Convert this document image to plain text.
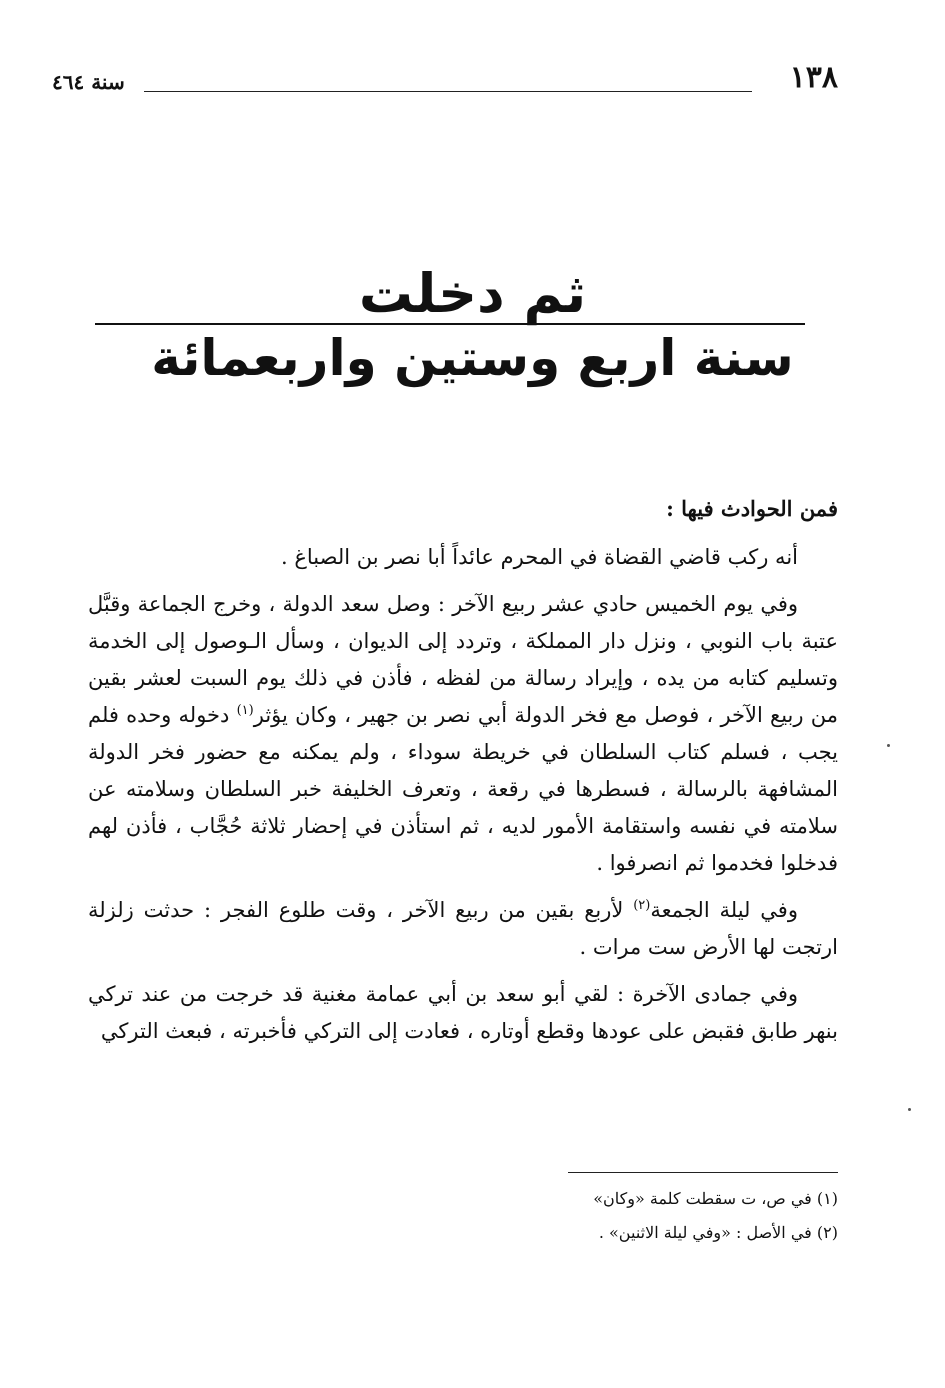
١٣٨
سنة ٤٦٤
ثم دخلت
سنة اربع وستين واربعمائة

فمن الحوادث فيها :

أنه ركب قاضي القضاة في المحرم عائداً أبا نصر بن الصباغ .

وفي يوم الخميس حادي عشر ربيع الآخر : وصل سعد الدولة ، وخرج الجماعة وقبَّل عتبة باب النوبي ، ونزل دار المملكة ، وتردد إلى الديوان ، وسأل الـوصول إلى الخدمة وتسليم كتابه من يده ، وإيراد رسالة من لفظه ، فأذن في ذلك يوم السبت لعشر بقين من ربيع الآخر ، فوصل مع فخر الدولة أبي نصر بن جهير ، وكان يؤثر$^{(١)}$ دخوله وحده فلم يجب ، فسلم كتاب السلطان في خريطة سوداء ، ولم يمكنه مع حضور فخر الدولة المشافهة بالرسالة ، فسطرها في رقعة ، وتعرف الخليفة خبر السلطان وسلامته عن سلامته في نفسه واستقامة الأمور لديه ، ثم استأذن في إحضار ثلاثة حُجَّاب ، فأذن لهم فدخلوا فخدموا ثم انصرفوا .

وفي ليلة الجمعة$^{(٢)}$ لأربع بقين من ربيع الآخر ، وقت طلوع الفجر : حدثت زلزلة ارتجت لها الأرض ست مرات .

وفي جمادى الآخرة : لقي أبو سعد بن أبي عمامة مغنية قد خرجت من عند تركي بنهر طابق فقبض على عودها وقطع أوتاره ، فعادت إلى التركي فأخبرته ، فبعث التركي

(١) في ص، ت سقطت كلمة «وكان»
(٢) في الأصل : «وفي ليلة الاثنين» .
